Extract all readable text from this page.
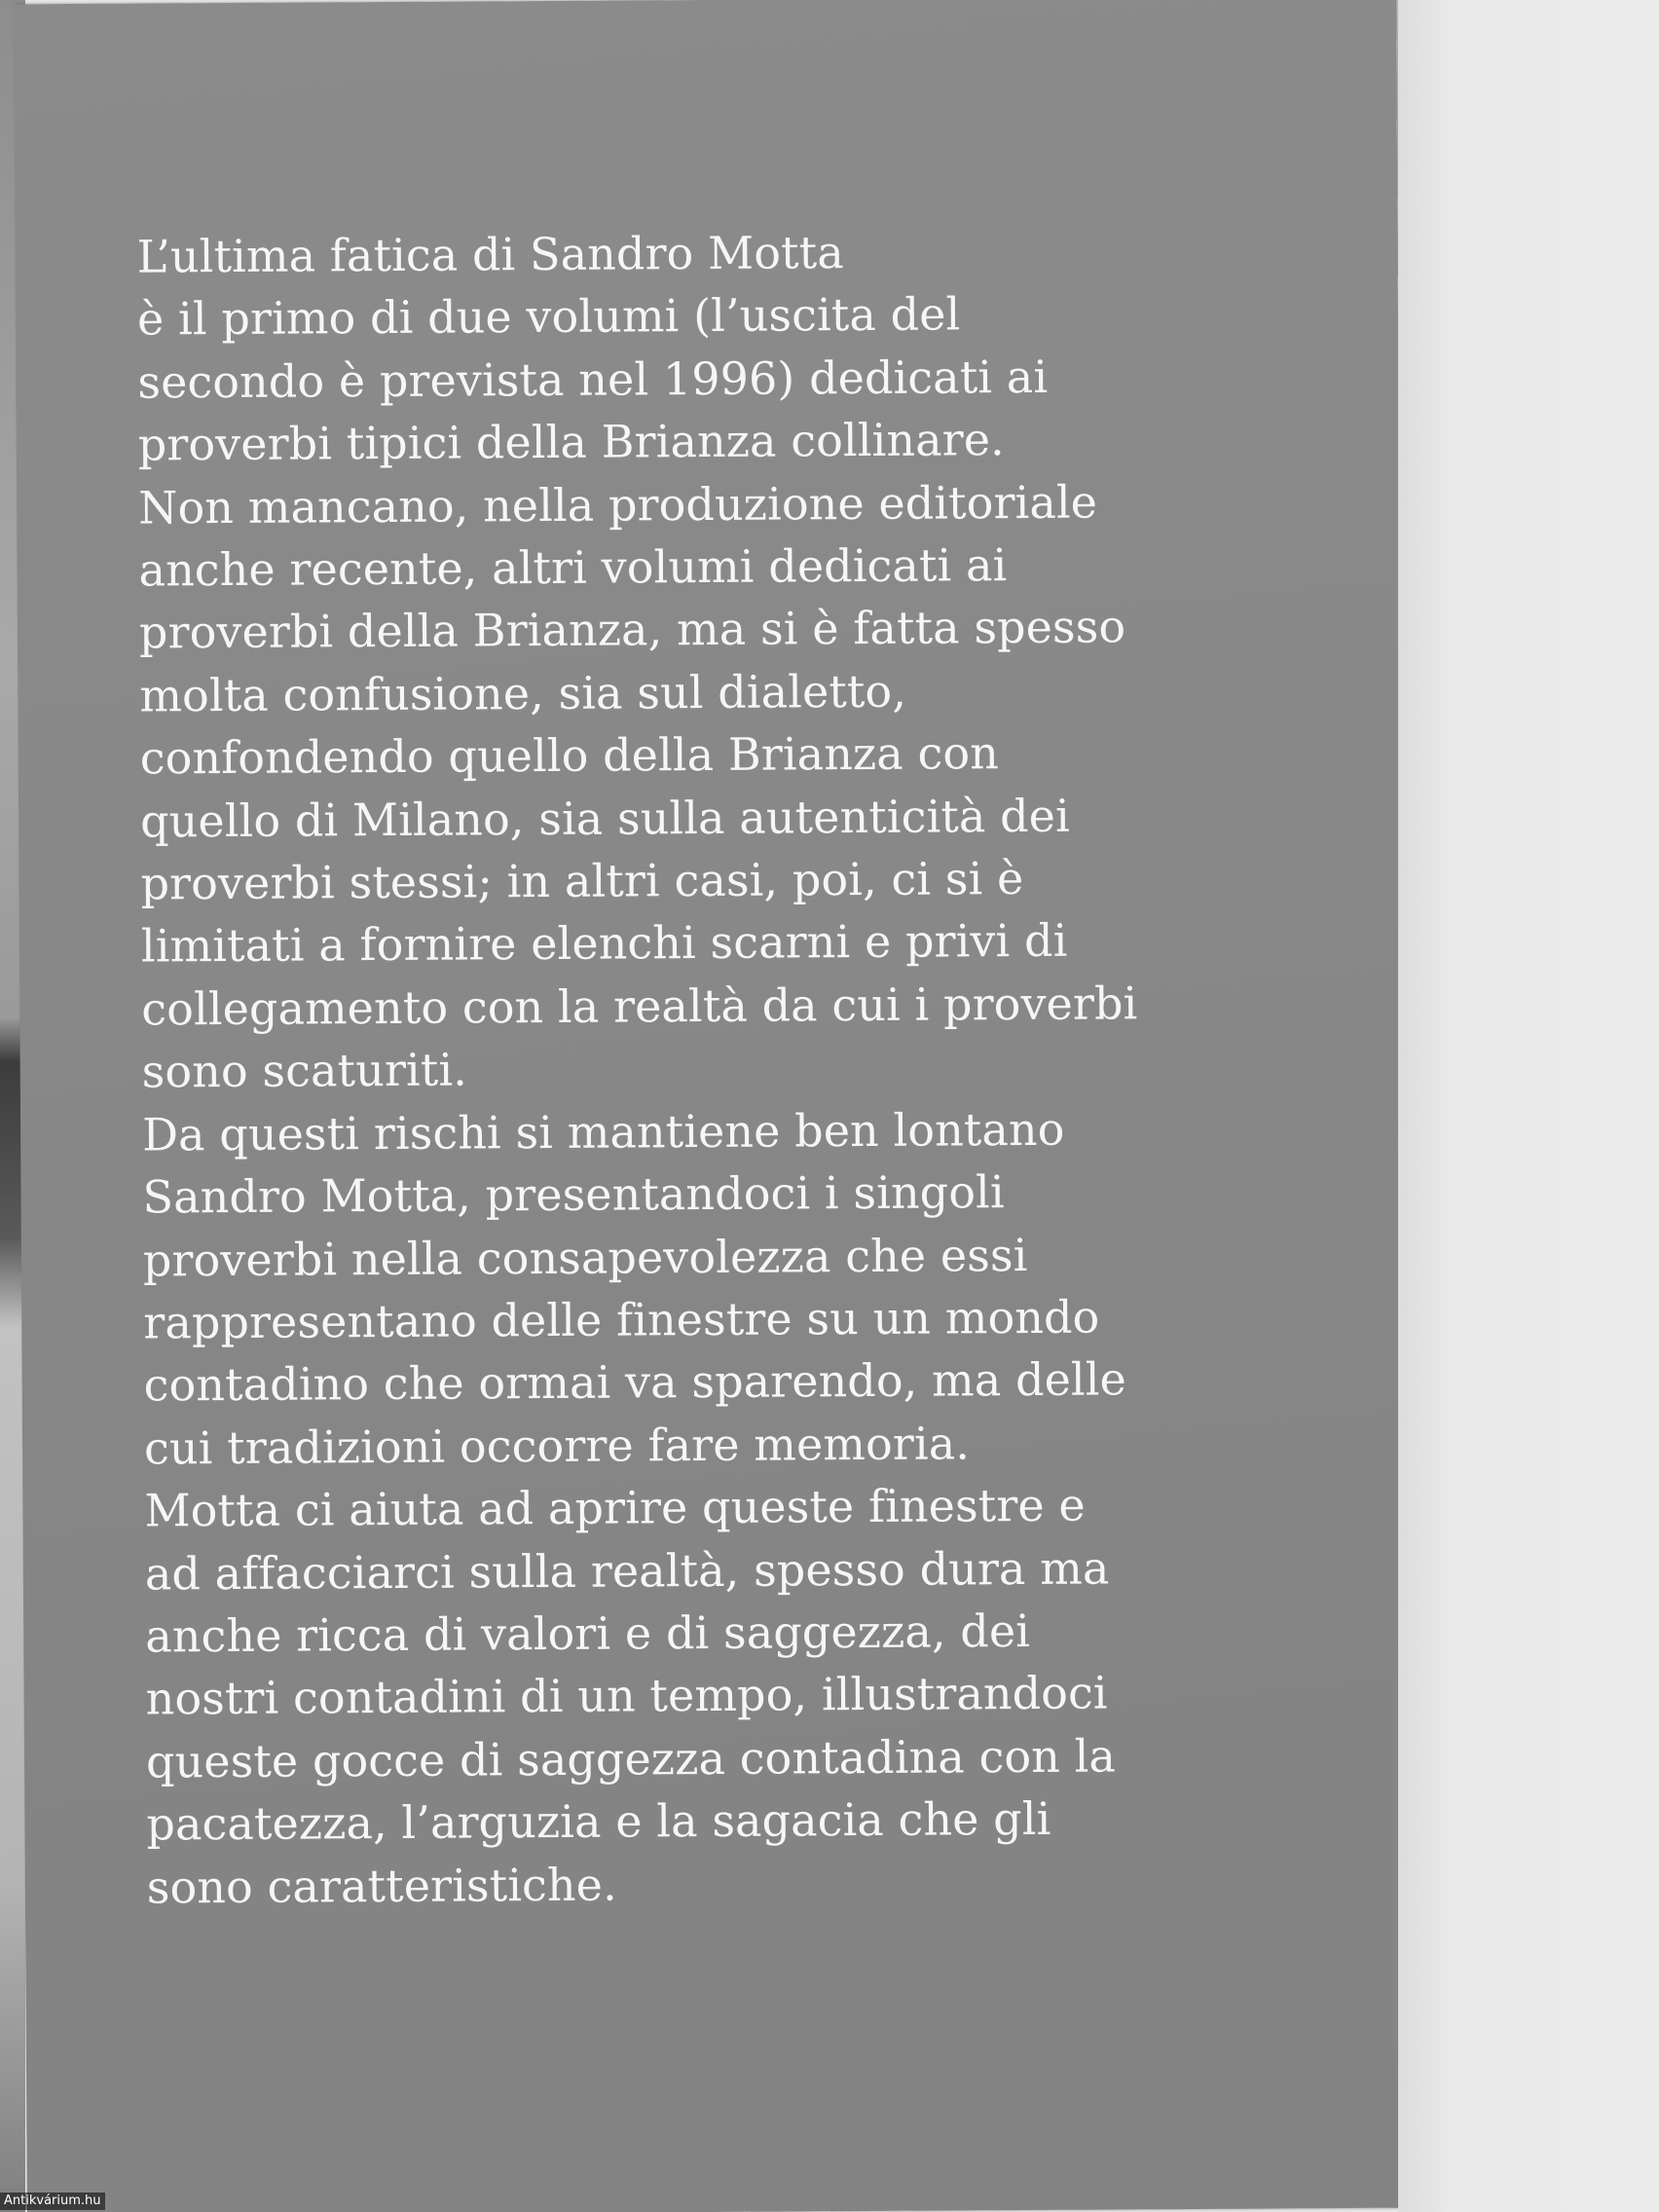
L’ultima fatica di Sandro Motta
è il primo di due volumi (l’uscita del
secondo è prevista nel 1996) dedicati ai
proverbi tipici della Brianza collinare.
Non mancano, nella produzione editoriale
anche recente, altri volumi dedicati ai
proverbi della Brianza, ma si è fatta spesso
molta confusione, sia sul dialetto,
confondendo quello della Brianza con
quello di Milano, sia sulla autenticità dei
proverbi stessi; in altri casi, poi, ci si è
limitati a fornire elenchi scarni e privi di
collegamento con la realtà da cui i proverbi
sono scaturiti.
Da questi rischi si mantiene ben lontano
Sandro Motta, presentandoci i singoli
proverbi nella consapevolezza che essi
rappresentano delle finestre su un mondo
contadino che ormai va sparendo, ma delle
cui tradizioni occorre fare memoria.
Motta ci aiuta ad aprire queste finestre e
ad affacciarci sulla realtà, spesso dura ma
anche ricca di valori e di saggezza, dei
nostri contadini di un tempo, illustrandoci
queste gocce di saggezza contadina con la
pacatezza, l’arguzia e la sagacia che gli
sono caratteristiche.
Antikvárium.hu
